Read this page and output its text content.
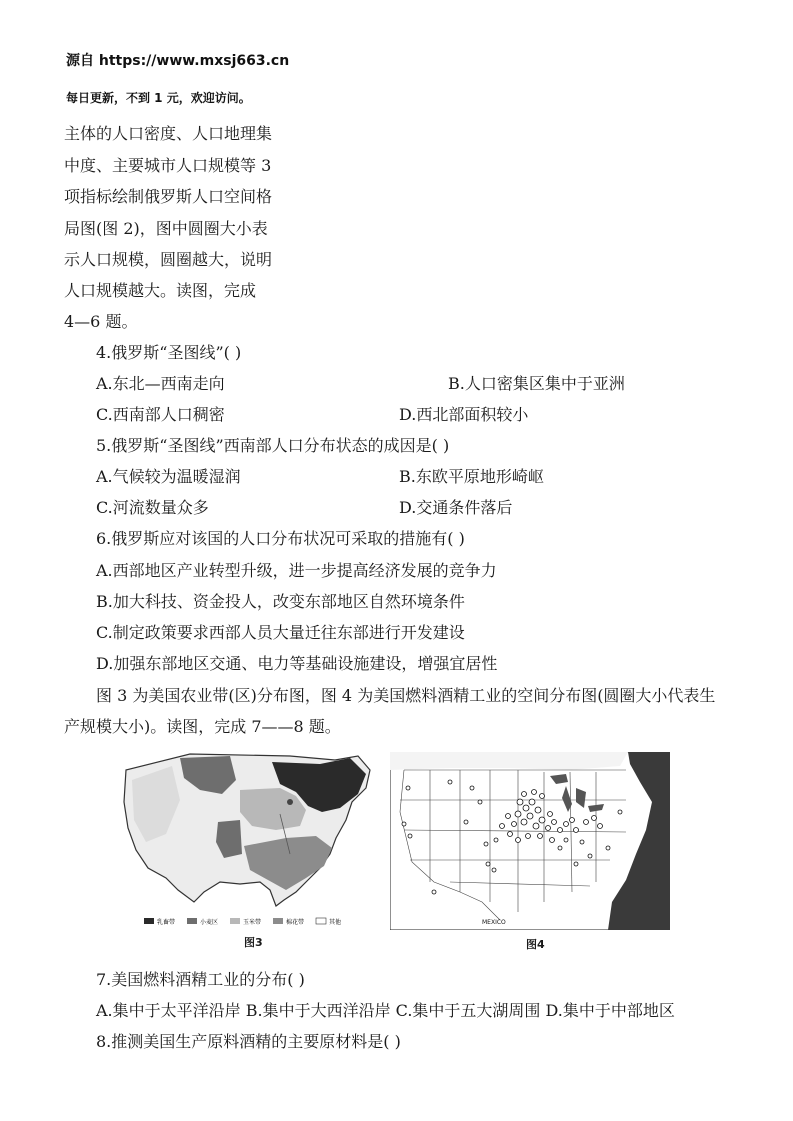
源自 https://www.mxsj663.cn
每日更新，不到 1 元，欢迎访问。
主体的人口密度、人口地理集
中度、主要城市人口规模等 3
项指标绘制俄罗斯人口空间格
局图(图 2)，图中圆圈大小表
示人口规模，圆圈越大，说明
人口规模越大。读图，完成
4—6 题。
4.俄罗斯“圣图线”( )
A.东北—西南走向	B.人口密集区集中于亚洲
C.西南部人口稠密	D.西北部面积较小
5.俄罗斯“圣图线”西南部人口分布状态的成因是( )
A.气候较为温暖湿润	B.东欧平原地形崎岖
C.河流数量众多	D.交通条件落后
6.俄罗斯应对该国的人口分布状况可采取的措施有( )
A.西部地区产业转型升级，进一步提高经济发展的竞争力
B.加大科技、资金投人，改变东部地区自然环境条件
C.制定政策要求西部人员大量迁往东部进行开发建设
D.加强东部地区交通、电力等基础设施建设，增强宜居性
图 3 为美国农业带(区)分布图，图 4 为美国燃料酒精工业的空间分布图(圆圈大小代表生
产规模大小)。读图，完成 7——8 题。
乳畜带	小麦区	玉米带	棉花带	其他
图3
MEXICO
图4
7.美国燃料酒精工业的分布( )
A.集中于太平洋沿岸 B.集中于大西洋沿岸 C.集中于五大湖周围 D.集中于中部地区
8.推测美国生产原料酒精的主要原材料是( )
